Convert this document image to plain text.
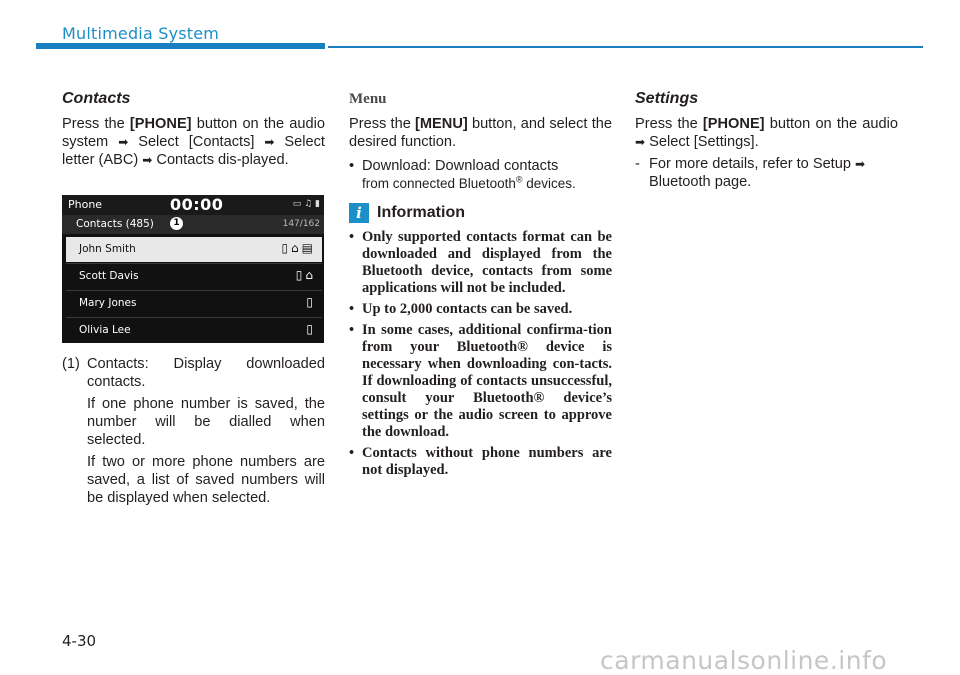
Multimedia System
Contacts

Press the [PHONE] button on the audio system ➡ Select [Contacts] ➡ Select letter (ABC) ➡ Contacts dis-played.

Phone	00:00	▭ ♫ ▮
Contacts (485)	1	147/162
John Smith	▯⌂▤
Scott Davis	▯⌂
Mary Jones	▯
Olivia Lee	▯
(1) Contacts: Display downloaded contacts.

If one phone number is saved, the number will be dialled when selected.

If two or more phone numbers are saved, a list of saved numbers will be displayed when selected.

Menu

Press the [MENU] button, and select the desired function.

• Download: Download contacts
from connected Bluetooth® devices.
i Information
• Only supported contacts format can be downloaded and displayed from the Bluetooth device, contacts from some applications will not be included.
• Up to 2,000 contacts can be saved.
• In some cases, additional confirma-tion from your Bluetooth® device is necessary when downloading con-tacts. If downloading of contacts unsuccessful, consult your Bluetooth® device’s settings or the audio screen to approve the download.
• Contacts without phone numbers are not displayed.
Settings

Press the [PHONE] button on the audio ➡ Select [Settings].

- For more details, refer to Setup ➡ Bluetooth page.
4-30
carmanualsonline.info
